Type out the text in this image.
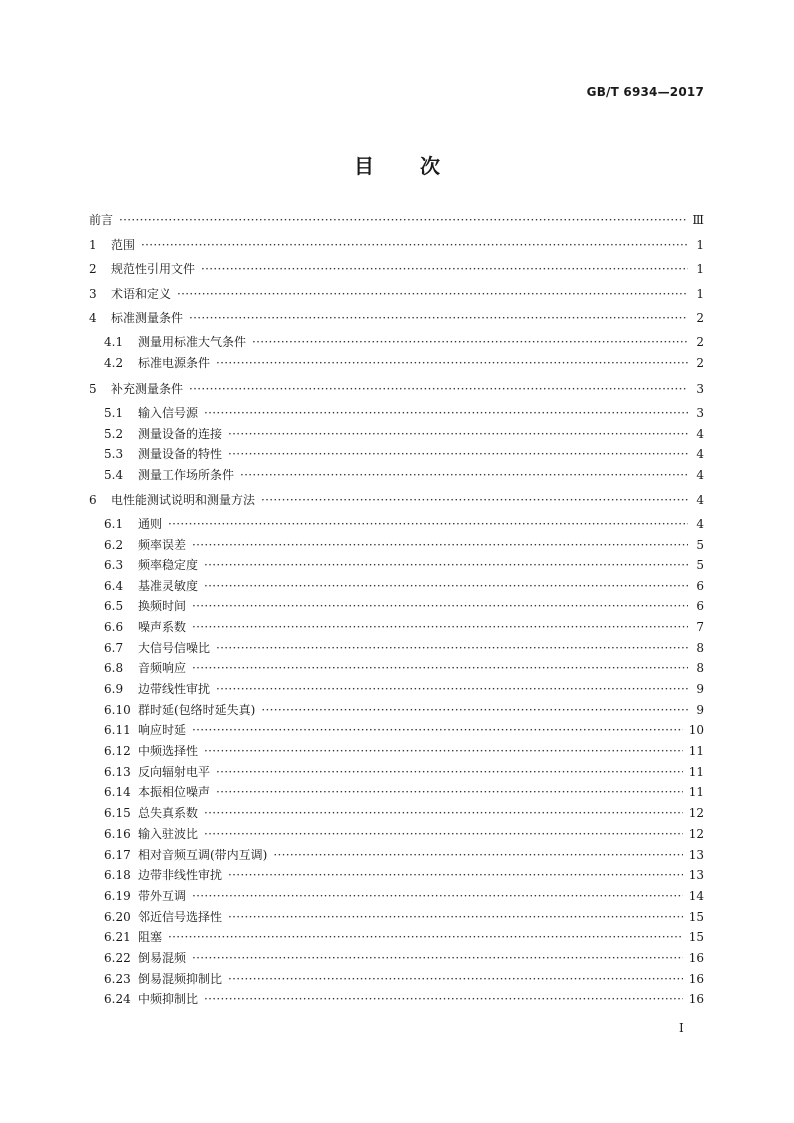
GB/T 6934—2017
目 次
前言 ·····	Ⅲ
1	范围 ·····	1
2	规范性引用文件 ·····	1
3	术语和定义 ·····	1
4	标准测量条件 ·····	2
4.1	测量用标准大气条件 ·····	2
4.2	标准电源条件 ·····	2
5	补充测量条件 ·····	3
5.1	输入信号源 ·····	3
5.2	测量设备的连接 ·····	4
5.3	测量设备的特性 ·····	4
5.4	测量工作场所条件 ·····	4
6	电性能测试说明和测量方法 ·····	4
6.1	通则 ·····	4
6.2	频率误差 ·····	5
6.3	频率稳定度 ·····	5
6.4	基准灵敏度 ·····	6
6.5	换频时间 ·····	6
6.6	噪声系数 ·····	7
6.7	大信号信噪比 ·····	8
6.8	音频响应 ·····	8
6.9	边带线性审扰 ·····	9
6.10 群时延(包络时延失真) ·····	9
6.11 响应时延 ·····	10
6.12 中频选择性 ·····	11
6.13 反向辐射电平 ·····	11
6.14 本振相位噪声 ·····	11
6.15 总失真系数 ·····	12
6.16 输入驻波比 ·····	12
6.17 相对音频互调(带内互调) ·····	13
6.18 边带非线性审扰 ·····	13
6.19 带外互调 ·····	14
6.20 邻近信号选择性 ·····	15
6.21 阻塞 ·····	15
6.22 倒易混频 ·····	16
6.23 倒易混频抑制比 ·····	16
6.24 中频抑制比 ·····	16
Ⅰ
